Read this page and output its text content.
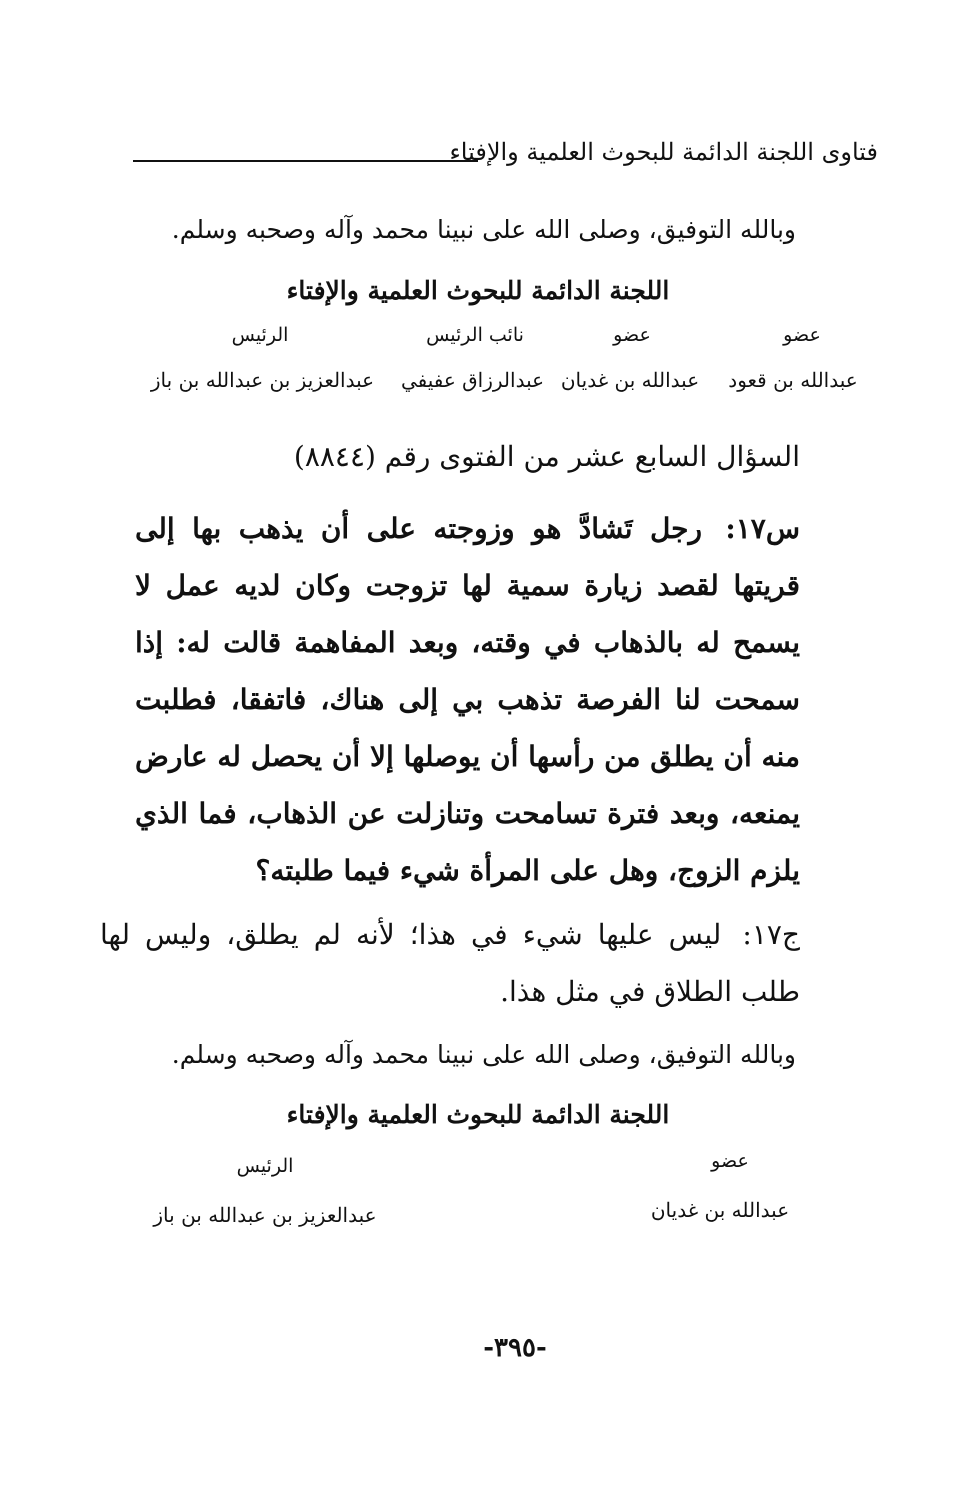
فتاوى اللجنة الدائمة للبحوث العلمية والإفتاء
وبالله التوفيق، وصلى الله على نبينا محمد وآله وصحبه وسلم.
اللجنة الدائمة للبحوث العلمية والإفتاء
عضو
عضو
نائب الرئيس
الرئيس
عبدالله بن قعود
عبدالله بن غديان
عبدالرزاق عفيفي
عبدالعزيز بن عبدالله بن باز
السؤال السابع عشر من الفتوى رقم (٨٨٤٤)
س١٧: رجل تَشادَّ هو وزوجته على أن يذهب بها إلى قريتها لقصد زيارة سمية لها تزوجت وكان لديه عمل لا يسمح له بالذهاب في وقته، وبعد المفاهمة قالت له: إذا سمحت لنا الفرصة تذهب بي إلى هناك، فاتفقا، فطلبت منه أن يطلق من رأسها أن يوصلها إلا أن يحصل له عارض يمنعه، وبعد فترة تسامحت وتنازلت عن الذهاب، فما الذي يلزم الزوج، وهل على المرأة شيء فيما طلبته؟
ج١٧: ليس عليها شيء في هذا؛ لأنه لم يطلق، وليس لها طلب الطلاق في مثل هذا.
وبالله التوفيق، وصلى الله على نبينا محمد وآله وصحبه وسلم.
اللجنة الدائمة للبحوث العلمية والإفتاء
عضو
الرئيس
عبدالله بن غديان
عبدالعزيز بن عبدالله بن باز
-٣٩٥-
